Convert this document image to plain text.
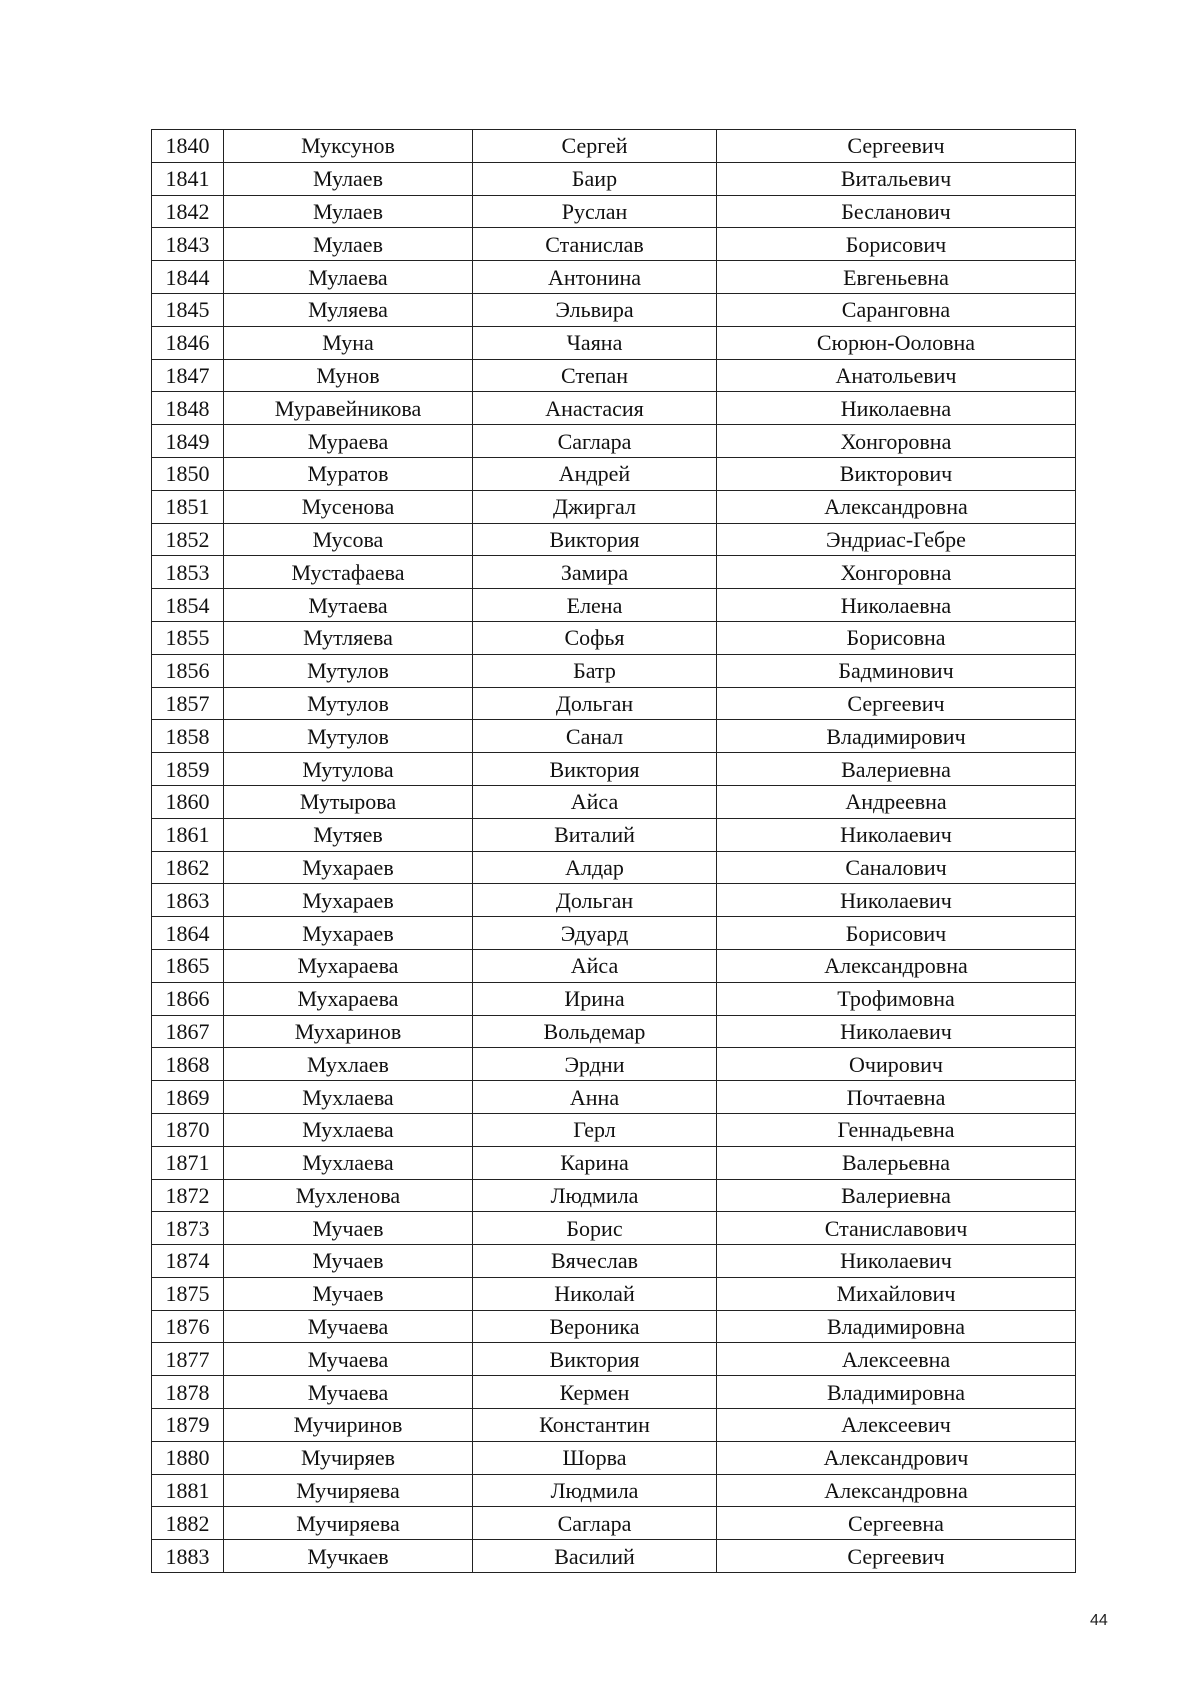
1840	Муксунов	Сергей	Сергеевич
1841	Мулаев	Баир	Витальевич
1842	Мулаев	Руслан	Бесланович
1843	Мулаев	Станислав	Борисович
1844	Мулаева	Антонина	Евгеньевна
1845	Муляева	Эльвира	Саранговна
1846	Муна	Чаяна	Сюрюн-Ооловна
1847	Мунов	Степан	Анатольевич
1848	Муравейникова	Анастасия	Николаевна
1849	Мураева	Саглара	Хонгоровна
1850	Муратов	Андрей	Викторович
1851	Мусенова	Джиргал	Александровна
1852	Мусова	Виктория	Эндриас-Гебре
1853	Мустафаева	Замира	Хонгоровна
1854	Мутаева	Елена	Николаевна
1855	Мутляева	Софья	Борисовна
1856	Мутулов	Батр	Бадминович
1857	Мутулов	Дольган	Сергеевич
1858	Мутулов	Санал	Владимирович
1859	Мутулова	Виктория	Валериевна
1860	Мутырова	Айса	Андреевна
1861	Мутяев	Виталий	Николаевич
1862	Мухараев	Алдар	Саналович
1863	Мухараев	Дольган	Николаевич
1864	Мухараев	Эдуард	Борисович
1865	Мухараева	Айса	Александровна
1866	Мухараева	Ирина	Трофимовна
1867	Мухаринов	Вольдемар	Николаевич
1868	Мухлаев	Эрдни	Очирович
1869	Мухлаева	Анна	Почтаевна
1870	Мухлаева	Герл	Геннадьевна
1871	Мухлаева	Карина	Валерьевна
1872	Мухленова	Людмила	Валериевна
1873	Мучаев	Борис	Станиславович
1874	Мучаев	Вячеслав	Николаевич
1875	Мучаев	Николай	Михайлович
1876	Мучаева	Вероника	Владимировна
1877	Мучаева	Виктория	Алексеевна
1878	Мучаева	Кермен	Владимировна
1879	Мучиринов	Константин	Алексеевич
1880	Мучиряев	Шорва	Александрович
1881	Мучиряева	Людмила	Александровна
1882	Мучиряева	Саглара	Сергеевна
1883	Мучкаев	Василий	Сергеевич
44
